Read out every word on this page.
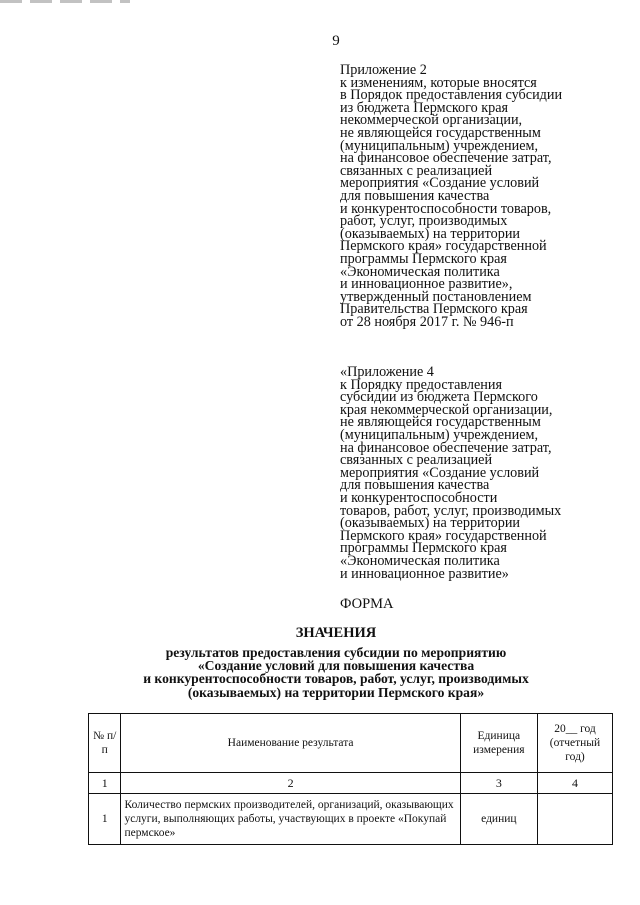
9
Приложение 2
к изменениям, которые вносятся
в Порядок предоставления субсидии
из бюджета Пермского края
некоммерческой организации,
не являющейся государственным
(муниципальным) учреждением,
на финансовое обеспечение затрат,
связанных с реализацией
мероприятия «Создание условий
для повышения качества
и конкурентоспособности товаров,
работ, услуг, производимых
(оказываемых) на территории
Пермского края» государственной
программы Пермского края
«Экономическая политика
и инновационное развитие»,
утвержденный постановлением
Правительства Пермского края
от 28 ноября 2017 г. № 946-п
«Приложение 4
к Порядку предоставления
субсидии из бюджета Пермского
края некоммерческой организации,
не являющейся государственным
(муниципальным) учреждением,
на финансовое обеспечение затрат,
связанных с реализацией
мероприятия «Создание условий
для повышения качества
и конкурентоспособности
товаров, работ, услуг, производимых
(оказываемых) на территории
Пермского края» государственной
программы Пермского края
«Экономическая политика
и инновационное развитие»
ФОРМА
ЗНАЧЕНИЯ
результатов предоставления субсидии по мероприятию
«Создание условий для повышения качества
и конкурентоспособности товаров, работ, услуг, производимых
(оказываемых) на территории Пермского края»
№ п/п	Наименование результата	Единица измерения	20__ год (отчетный год)
1	2	3	4
1	Количество пермских производителей, организаций, оказывающих услуги, выполняющих работы, участвующих в проекте «Покупай пермское»	единиц	
